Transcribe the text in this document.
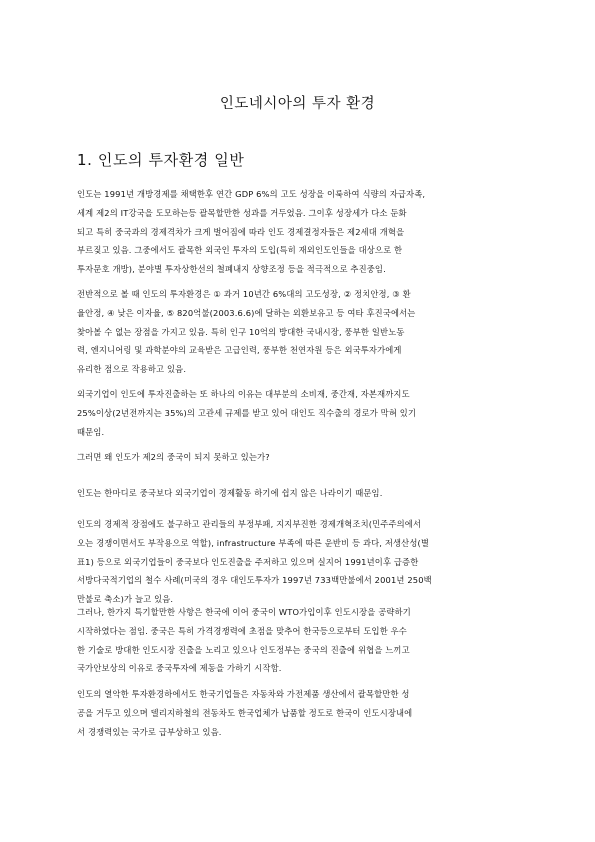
인도네시아의 투자 환경
1. 인도의 투자환경 일반

인도는 1991년 개방경제를 채택한후 연간 GDP 6%의 고도 성장을 이룩하여 식량의 자급자족,
세계 제2의 IT강국을 도모하는등 괄목할만한 성과를 거두었음. 그이후 성장세가 다소 둔화
되고 특히 중국과의 경제격차가 크게 벌어짐에 따라 인도 경제결정자들은 제2세대 개혁을
부르짖고 있음. 그중에서도 괄목한 외국인 투자의 도입(특히 재외인도인들을 대상으로 한
투자문호 개방), 분야별 투자상한선의 철폐내지 상향조정 등을 적극적으로 추진중임.

전반적으로 볼 때 인도의 투자환경은 ① 과거 10년간 6%대의 고도성장, ② 정치안정, ③ 환
율안정, ④ 낮은 이자율, ⑤ 820억불(2003.6.6)에 달하는 외환보유고 등 여타 후진국에서는
찾아볼 수 없는 장점을 가지고 있음. 특히 인구 10억의 방대한 국내시장, 풍부한 일반노동
력, 엔지니어링 및 과학분야의 교육받은 고급인력, 풍부한 천연자원 등은 외국투자가에게
유리한 점으로 작용하고 있음.

외국기업이 인도에 투자진출하는 또 하나의 이유는 대부분의 소비재, 중간재, 자본재까지도
25%이상(2년전까지는 35%)의 고관세 규제를 받고 있어 대인도 직수출의 경로가 막혀 있기
때문임.

그러면 왜 인도가 제2의 중국이 되지 못하고 있는가?

인도는 한마디로 중국보다 외국기업이 경제활동 하기에 쉽지 않은 나라이기 때문임.

인도의 경제적 장점에도 불구하고 관리들의 부정부패, 지지부진한 경제개혁조치(민주주의에서
오는 경쟁이면서도 부작용으로 역할), infrastructure 부족에 따른 운반비 등 과다, 저생산성(별
표1) 등으로 외국기업들이 중국보다 인도진출을 주저하고 있으며 실지어 1991년이후 급증한
서방다국적기업의 철수 사례(미국의 경우 대인도투자가 1997년 733백만불에서 2001년 250백
만불로 축소)가 늘고 있음.

그러나, 한가지 특기할만한 사항은 한국에 이어 중국이 WTO가입이후 인도시장을 공략하기
시작하였다는 점임. 중국은 특히 가격경쟁력에 초점을 맞추어 한국등으로부터 도입한 우수
한 기술로 방대한 인도시장 진출을 노리고 있으나 인도정부는 중국의 진출에 위협을 느끼고
국가안보상의 이유로 중국투자에 제동을 가하기 시작함.

인도의 열악한 투자환경하에서도 한국기업들은 자동차와 가전제품 생산에서 괄목할만한 성
공을 거두고 있으며 델리지하철의 전동차도 한국업체가 납품할 정도로 한국이 인도시장내에
서 경쟁력있는 국가로 급부상하고 있음.
